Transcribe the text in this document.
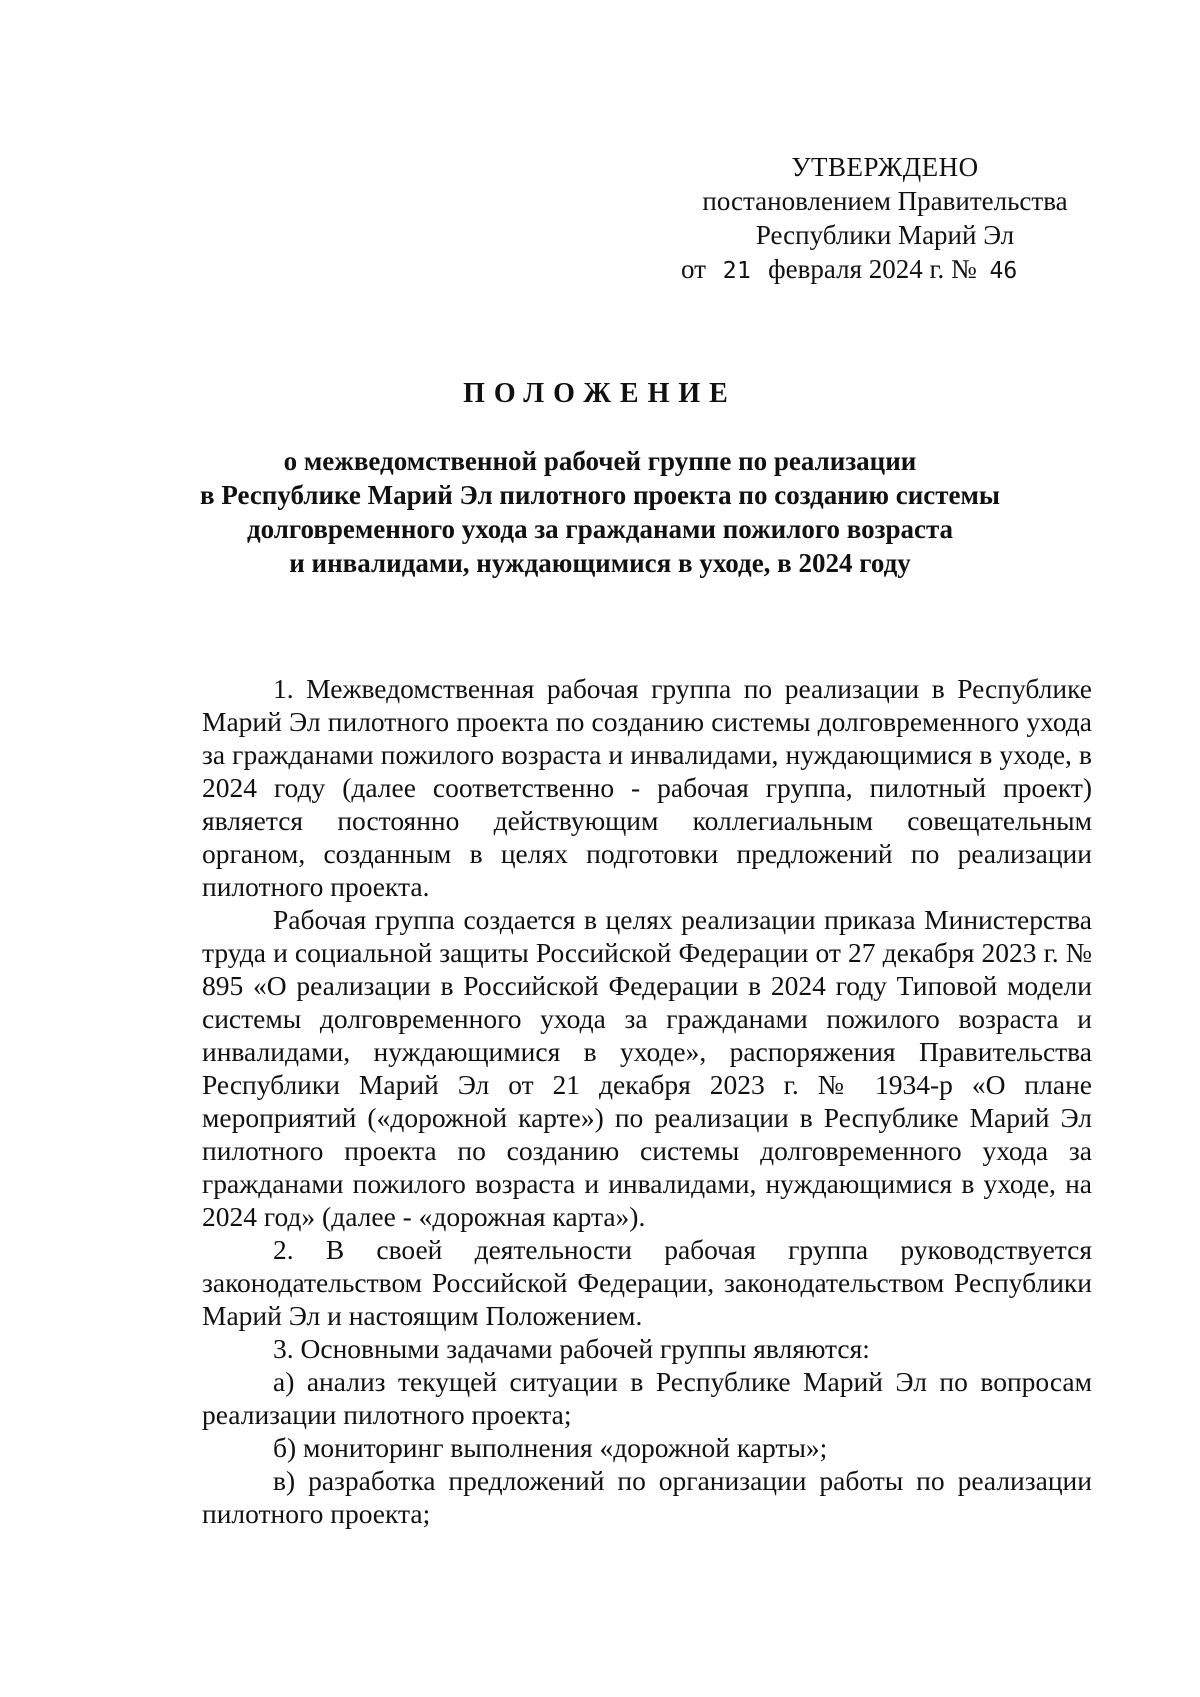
УТВЕРЖДЕНО
постановлением Правительства
Республики Марий Эл
от 21 февраля 2024 г. № 46
ПОЛОЖЕНИЕ
о межведомственной рабочей группе по реализации
в Республике Марий Эл пилотного проекта по созданию системы
долговременного ухода за гражданами пожилого возраста
и инвалидами, нуждающимися в уходе, в 2024 году

1. Межведомственная рабочая группа по реализации в Республике Марий Эл пилотного проекта по созданию системы долговременного ухода за гражданами пожилого возраста и инвалидами, нуждающимися в уходе, в 2024 году (далее соответственно - рабочая группа, пилотный проект) является постоянно действующим коллегиальным совещательным органом, созданным в целях подготовки предложений по реализации пилотного проекта.

Рабочая группа создается в целях реализации приказа Министерства труда и социальной защиты Российской Федерации от 27 декабря 2023 г. № 895 «О реализации в Российской Федерации в 2024 году Типовой модели системы долговременного ухода за гражданами пожилого возраста и инвалидами, нуждающимися в уходе», распоряжения Правительства Республики Марий Эл от 21 декабря 2023 г. № 1934-р «О плане мероприятий («дорожной карте») по реализации в Республике Марий Эл пилотного проекта по созданию системы долговременного ухода за гражданами пожилого возраста и инвалидами, нуждающимися в уходе, на 2024 год» (далее - «дорожная карта»).

2. В своей деятельности рабочая группа руководствуется законодательством Российской Федерации, законодательством Республики Марий Эл и настоящим Положением.

3. Основными задачами рабочей группы являются:

а) анализ текущей ситуации в Республике Марий Эл по вопросам реализации пилотного проекта;

б) мониторинг выполнения «дорожной карты»;

в) разработка предложений по организации работы по реализации пилотного проекта;
